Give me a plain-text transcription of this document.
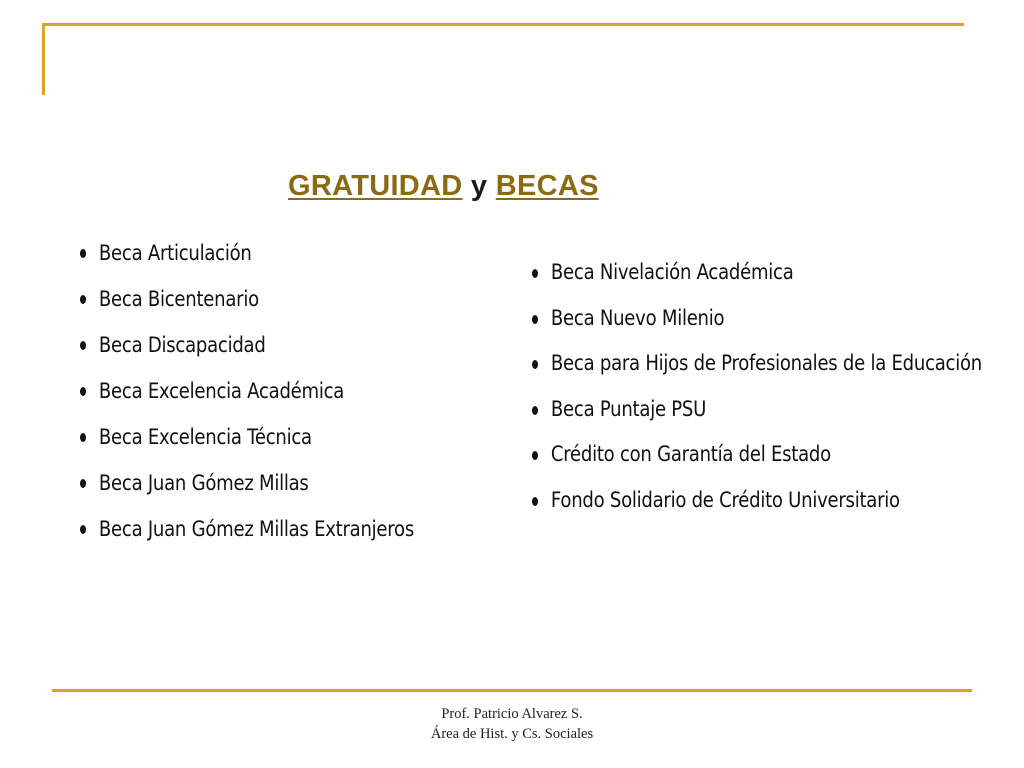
GRATUIDAD y BECAS
Beca Articulación
Beca Bicentenario
Beca Discapacidad
Beca Excelencia Académica
Beca Excelencia Técnica
Beca Juan Gómez Millas
Beca Juan Gómez Millas Extranjeros
Beca Nivelación Académica
Beca Nuevo Milenio
Beca para Hijos de Profesionales de la Educación
Beca Puntaje PSU
Crédito con Garantía del Estado
Fondo Solidario de Crédito Universitario
Prof. Patricio Alvarez S.
Área de Hist. y Cs. Sociales
